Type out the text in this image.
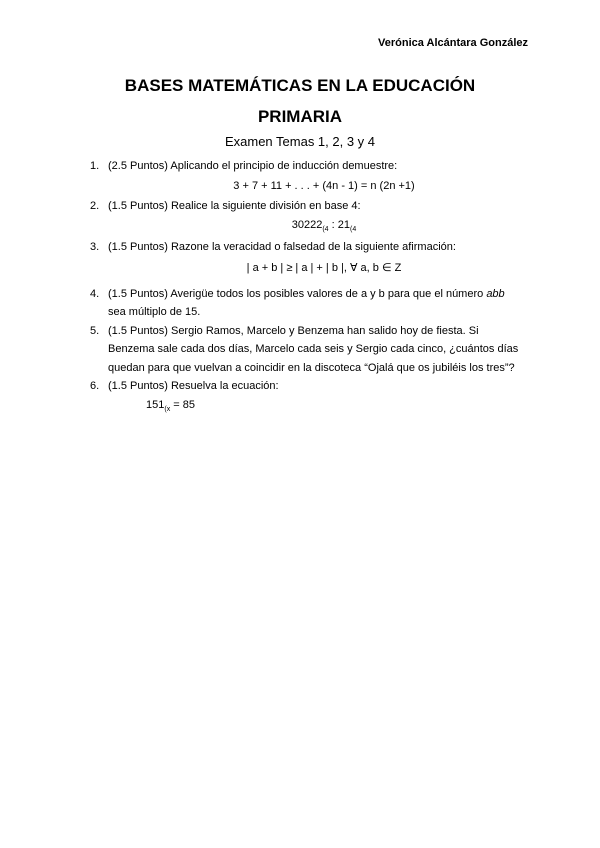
Verónica Alcántara González
BASES MATEMÁTICAS EN LA EDUCACIÓN
PRIMARIA
Examen Temas 1, 2, 3 y 4
1. (2.5 Puntos) Aplicando el principio de inducción demuestre:
3 + 7 + 11 + . . . + (4n - 1) = n (2n +1)
2. (1.5 Puntos) Realice la siguiente división en base 4:
$30222_{(4}$ : $21_{(4}$
3. (1.5 Puntos) Razone la veracidad o falsedad de la siguiente afirmación:
| a + b | ≥ | a | + | b |, ∀ a, b ∈ Z
4. (1.5 Puntos) Averigüe todos los posibles valores de a y b para que el número abb
sea múltiplo de 15.
5. (1.5 Puntos) Sergio Ramos, Marcelo y Benzema han salido hoy de fiesta. Si
Benzema sale cada dos días, Marcelo cada seis y Sergio cada cinco, ¿cuántos días
quedan para que vuelvan a coincidir en la discoteca “Ojalá que os jubiléis los tres”?
6. (1.5 Puntos) Resuelva la ecuación:
$151_{(x} = 85$
